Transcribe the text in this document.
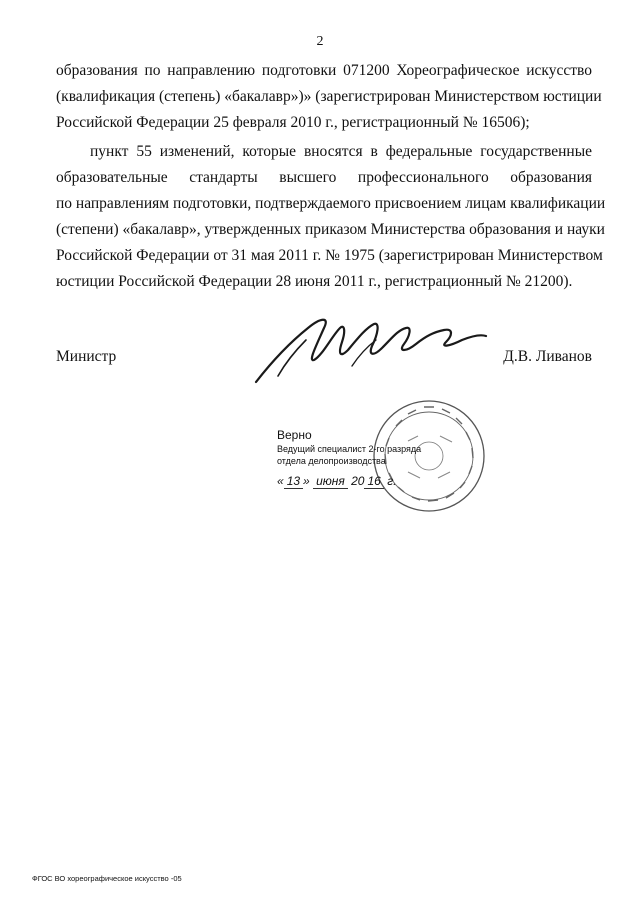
2
образования по направлению подготовки 071200 Хореографическое искусство
(квалификация (степень) «бакалавр»)» (зарегистрирован Министерством юстиции
Российской Федерации 25 февраля 2010 г., регистрационный № 16506);
пункт 55 изменений, которые вносятся в федеральные государственные
образовательные стандарты высшего профессионального образования
по направлениям подготовки, подтверждаемого присвоением лицам квалификации
(степени) «бакалавр», утвержденных приказом Министерства образования и науки
Российской Федерации от 31 мая 2011 г. № 1975 (зарегистрирован Министерством
юстиции Российской Федерации 28 июня 2011 г., регистрационный № 21200).
Министр	Д.В. Ливанов
Верно
Ведущий специалист 2-го разряда
отдела делопроизводства
« 13 » июня 20 16 г.
ФГОС ВО хореографическое искусство -05
